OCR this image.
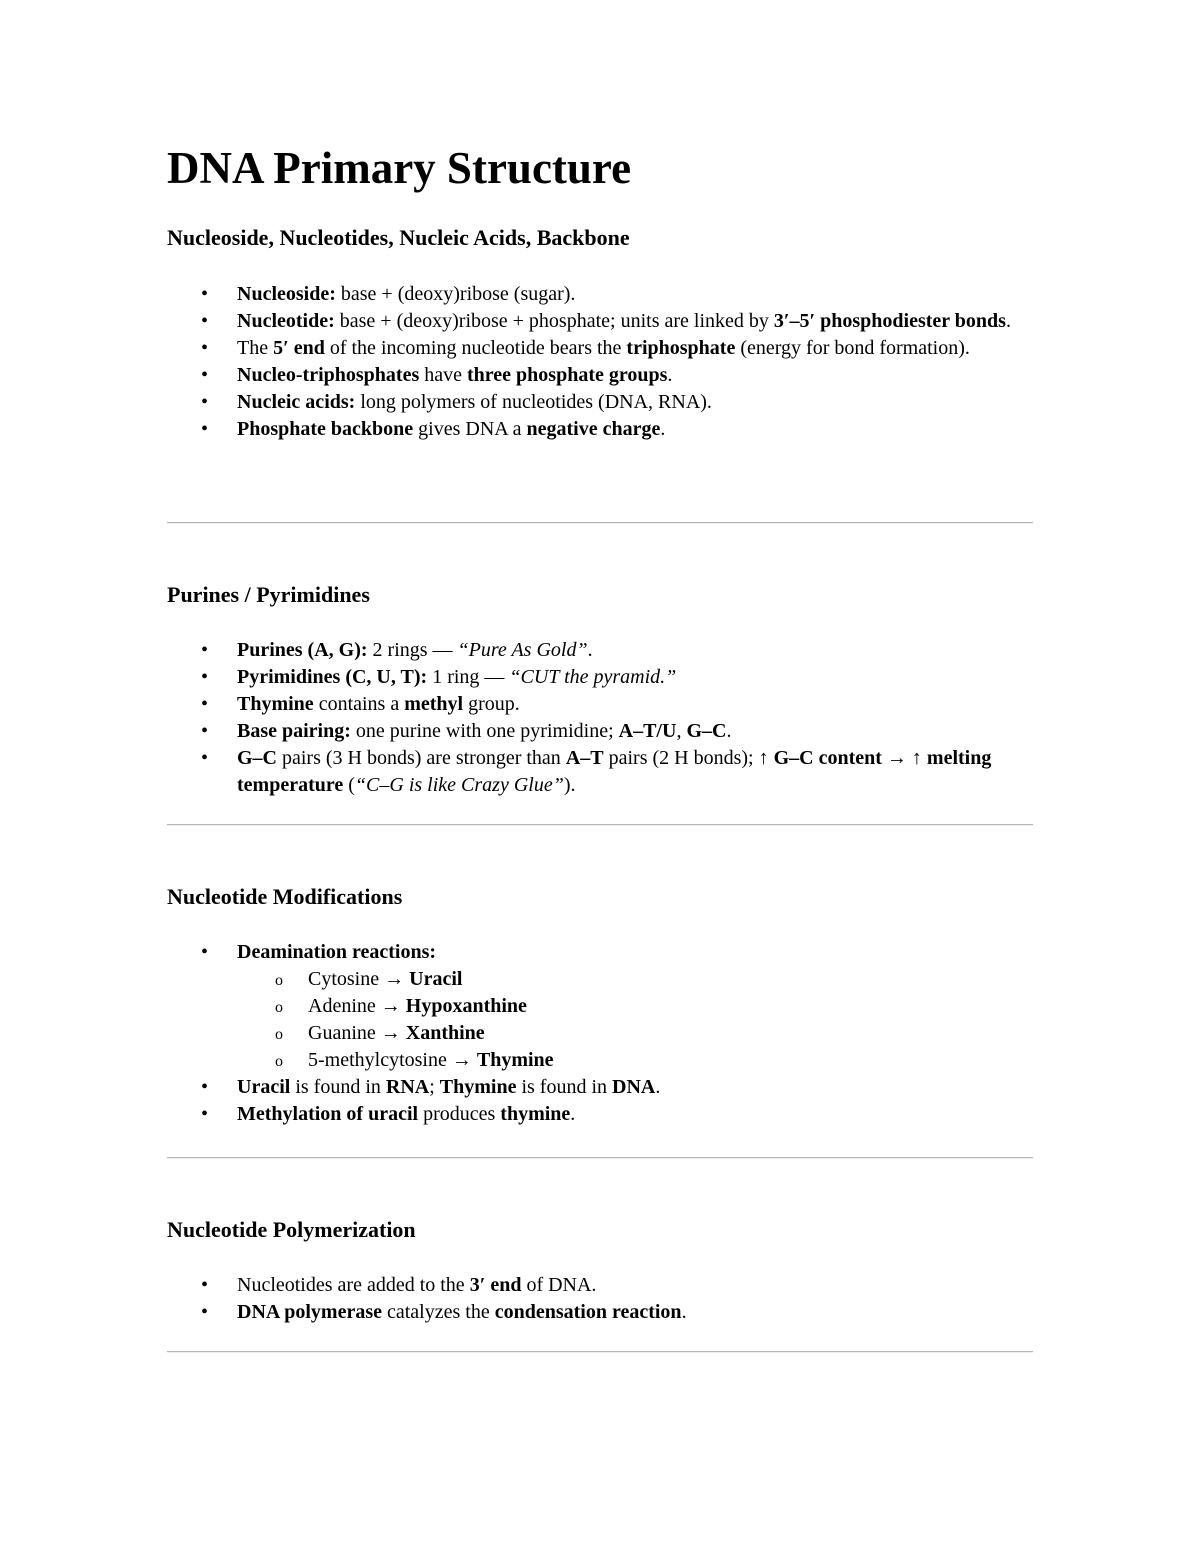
DNA Primary Structure
Nucleoside, Nucleotides, Nucleic Acids, Backbone
• Nucleoside: base + (deoxy)ribose (sugar).
• Nucleotide: base + (deoxy)ribose + phosphate; units are linked by 3′–5′ phosphodiester bonds.
• The 5′ end of the incoming nucleotide bears the triphosphate (energy for bond formation).
• Nucleo-triphosphates have three phosphate groups.
• Nucleic acids: long polymers of nucleotides (DNA, RNA).
• Phosphate backbone gives DNA a negative charge.
Purines / Pyrimidines
• Purines (A, G): 2 rings — “Pure As Gold”.
• Pyrimidines (C, U, T): 1 ring — “CUT the pyramid.”
• Thymine contains a methyl group.
• Base pairing: one purine with one pyrimidine; A–T/U, G–C.
• G–C pairs (3 H bonds) are stronger than A–T pairs (2 H bonds); ↑ G–C content → ↑ melting temperature (“C–G is like Crazy Glue”).
Nucleotide Modifications
• Deamination reactions:
o Cytosine → Uracil
o Adenine → Hypoxanthine
o Guanine → Xanthine
o 5-methylcytosine → Thymine
• Uracil is found in RNA; Thymine is found in DNA.
• Methylation of uracil produces thymine.
Nucleotide Polymerization
• Nucleotides are added to the 3′ end of DNA.
• DNA polymerase catalyzes the condensation reaction.
